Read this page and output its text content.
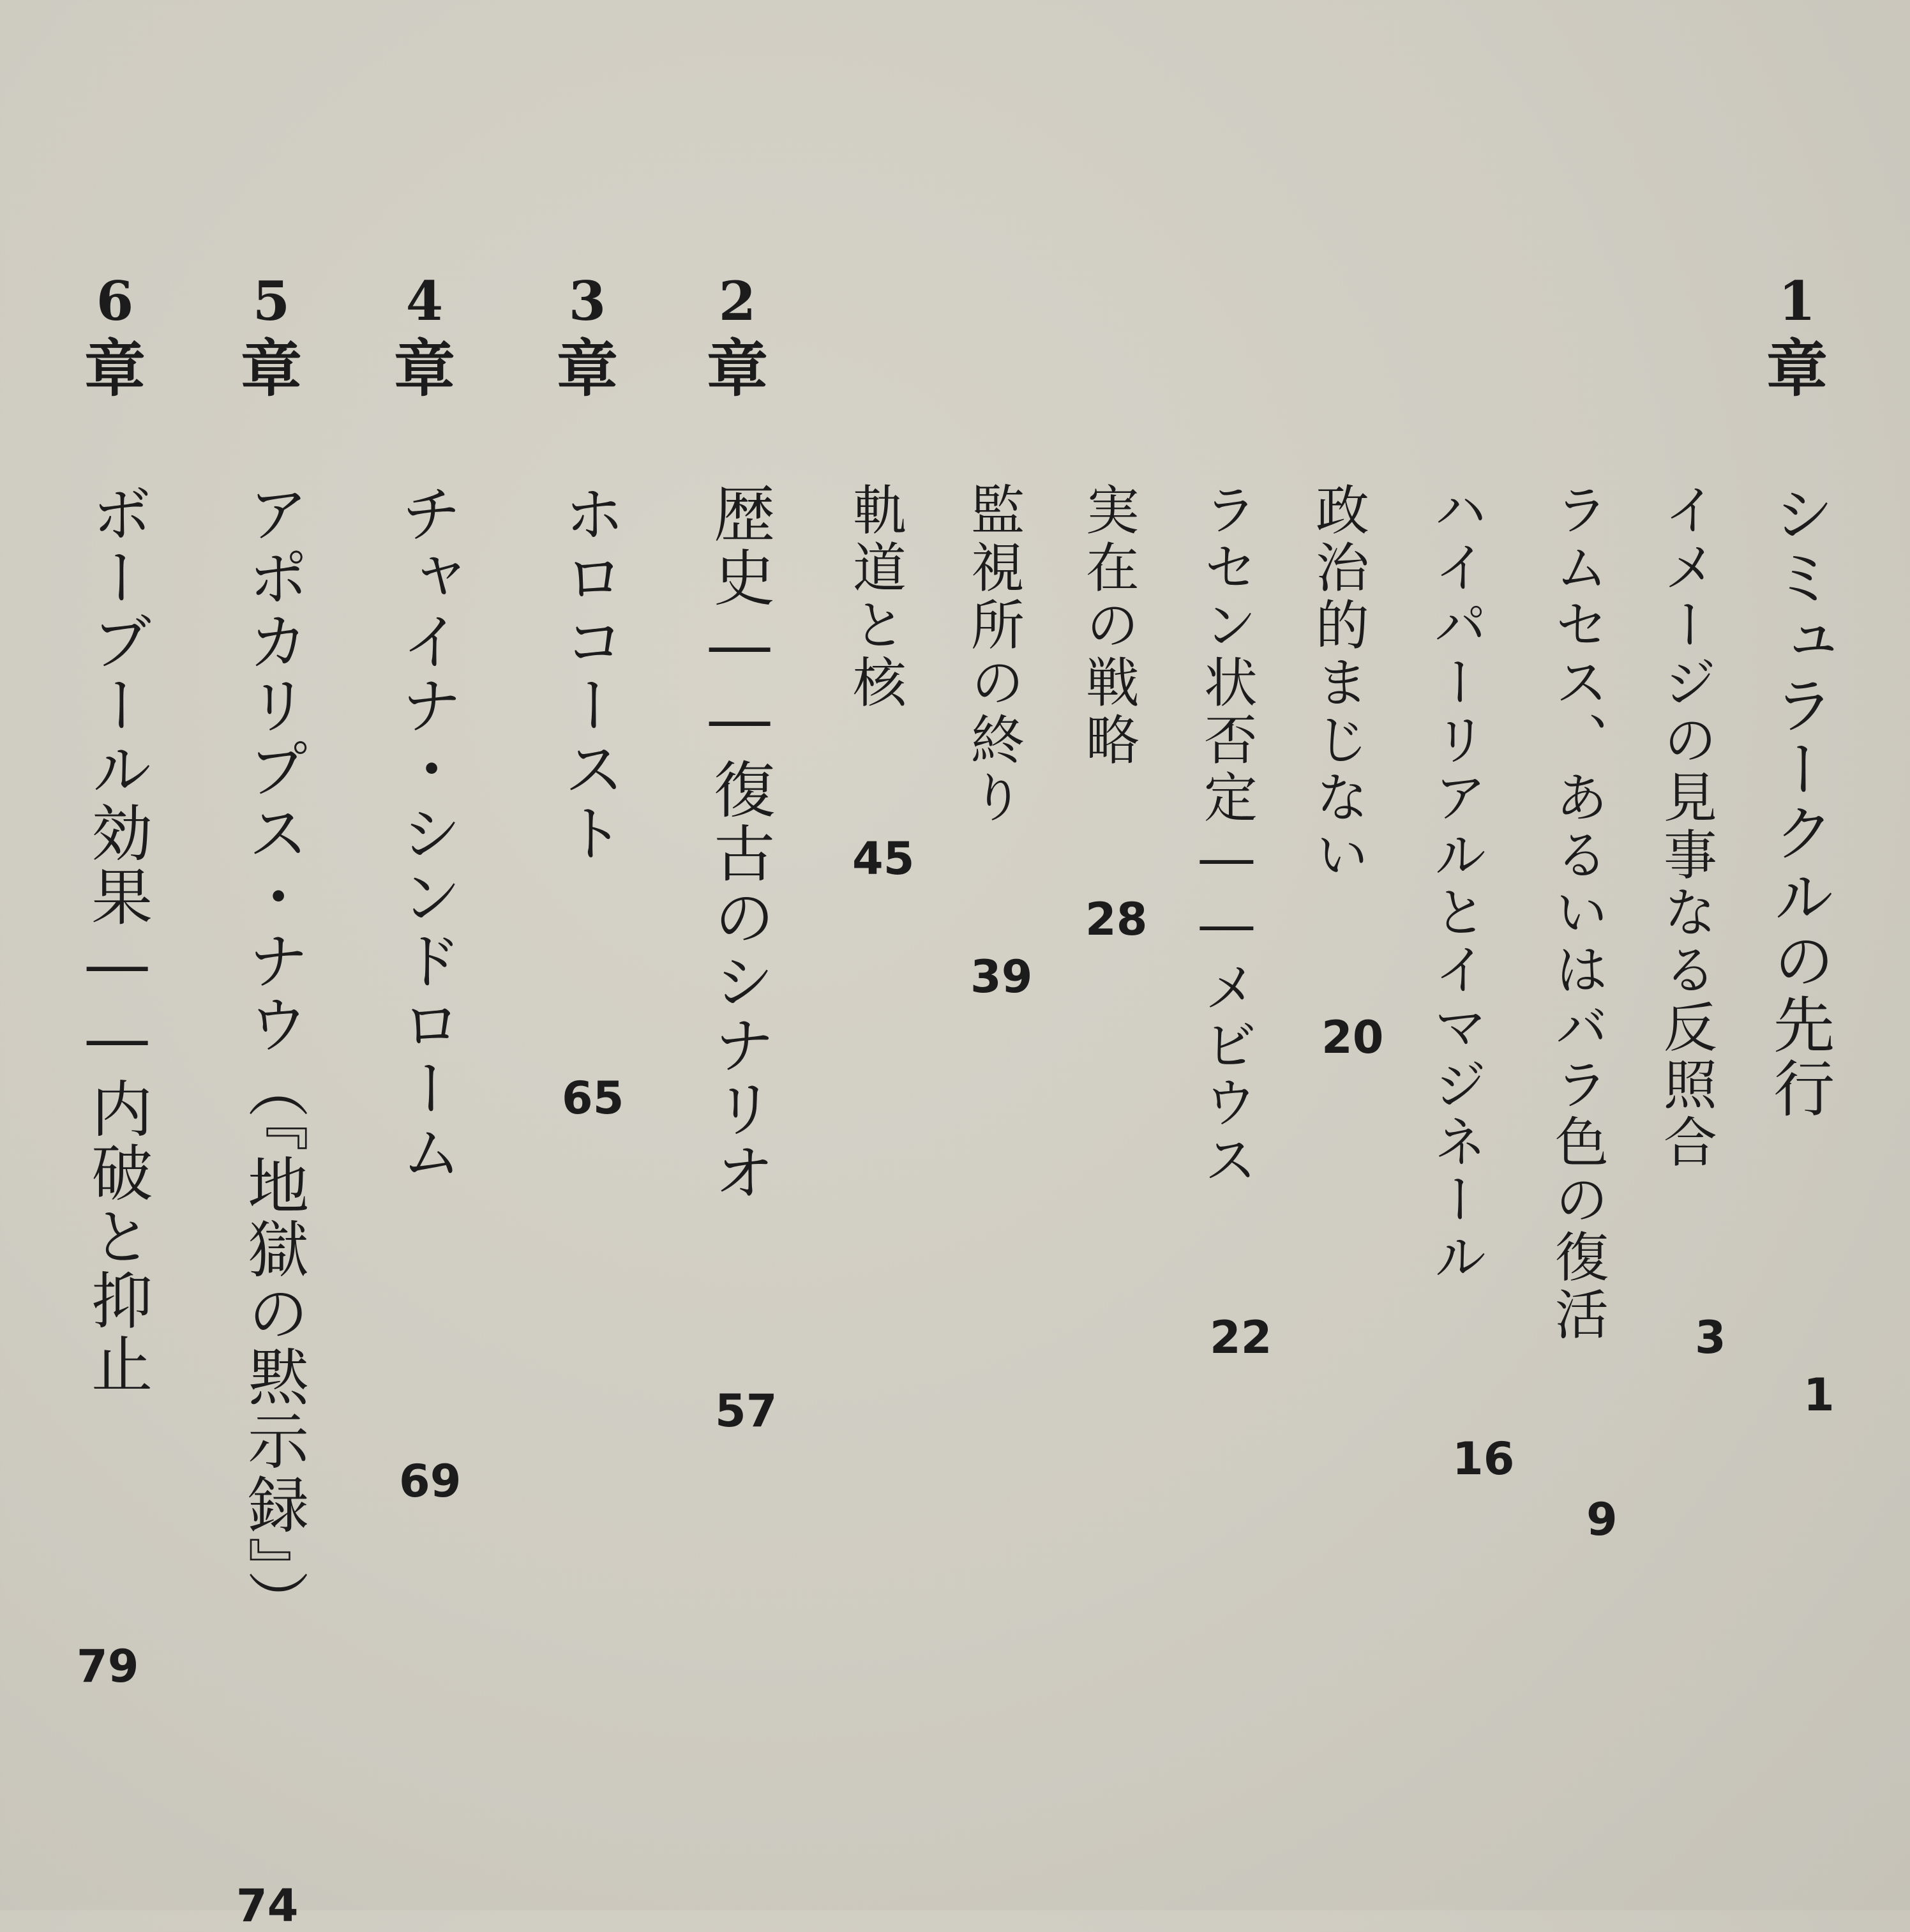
1
章
シミュラークルの先行
1
イメージの見事なる反照合
3
ラムセス、あるいはバラ色の復活
9
ハイパーリアルとイマジネール
16
政治的まじない
20
ラセン状否定――メビウス
22
実在の戦略
28
監視所の終り
39
軌道と核
45
2
章
歴史――復古のシナリオ
57
3
章
ホロコースト
65
4
章
チャイナ・シンドローム
69
5
章
アポカリプス・ナウ（『地獄の黙示録』）
74
6
章
ボーブール効果――内破と抑止
79
